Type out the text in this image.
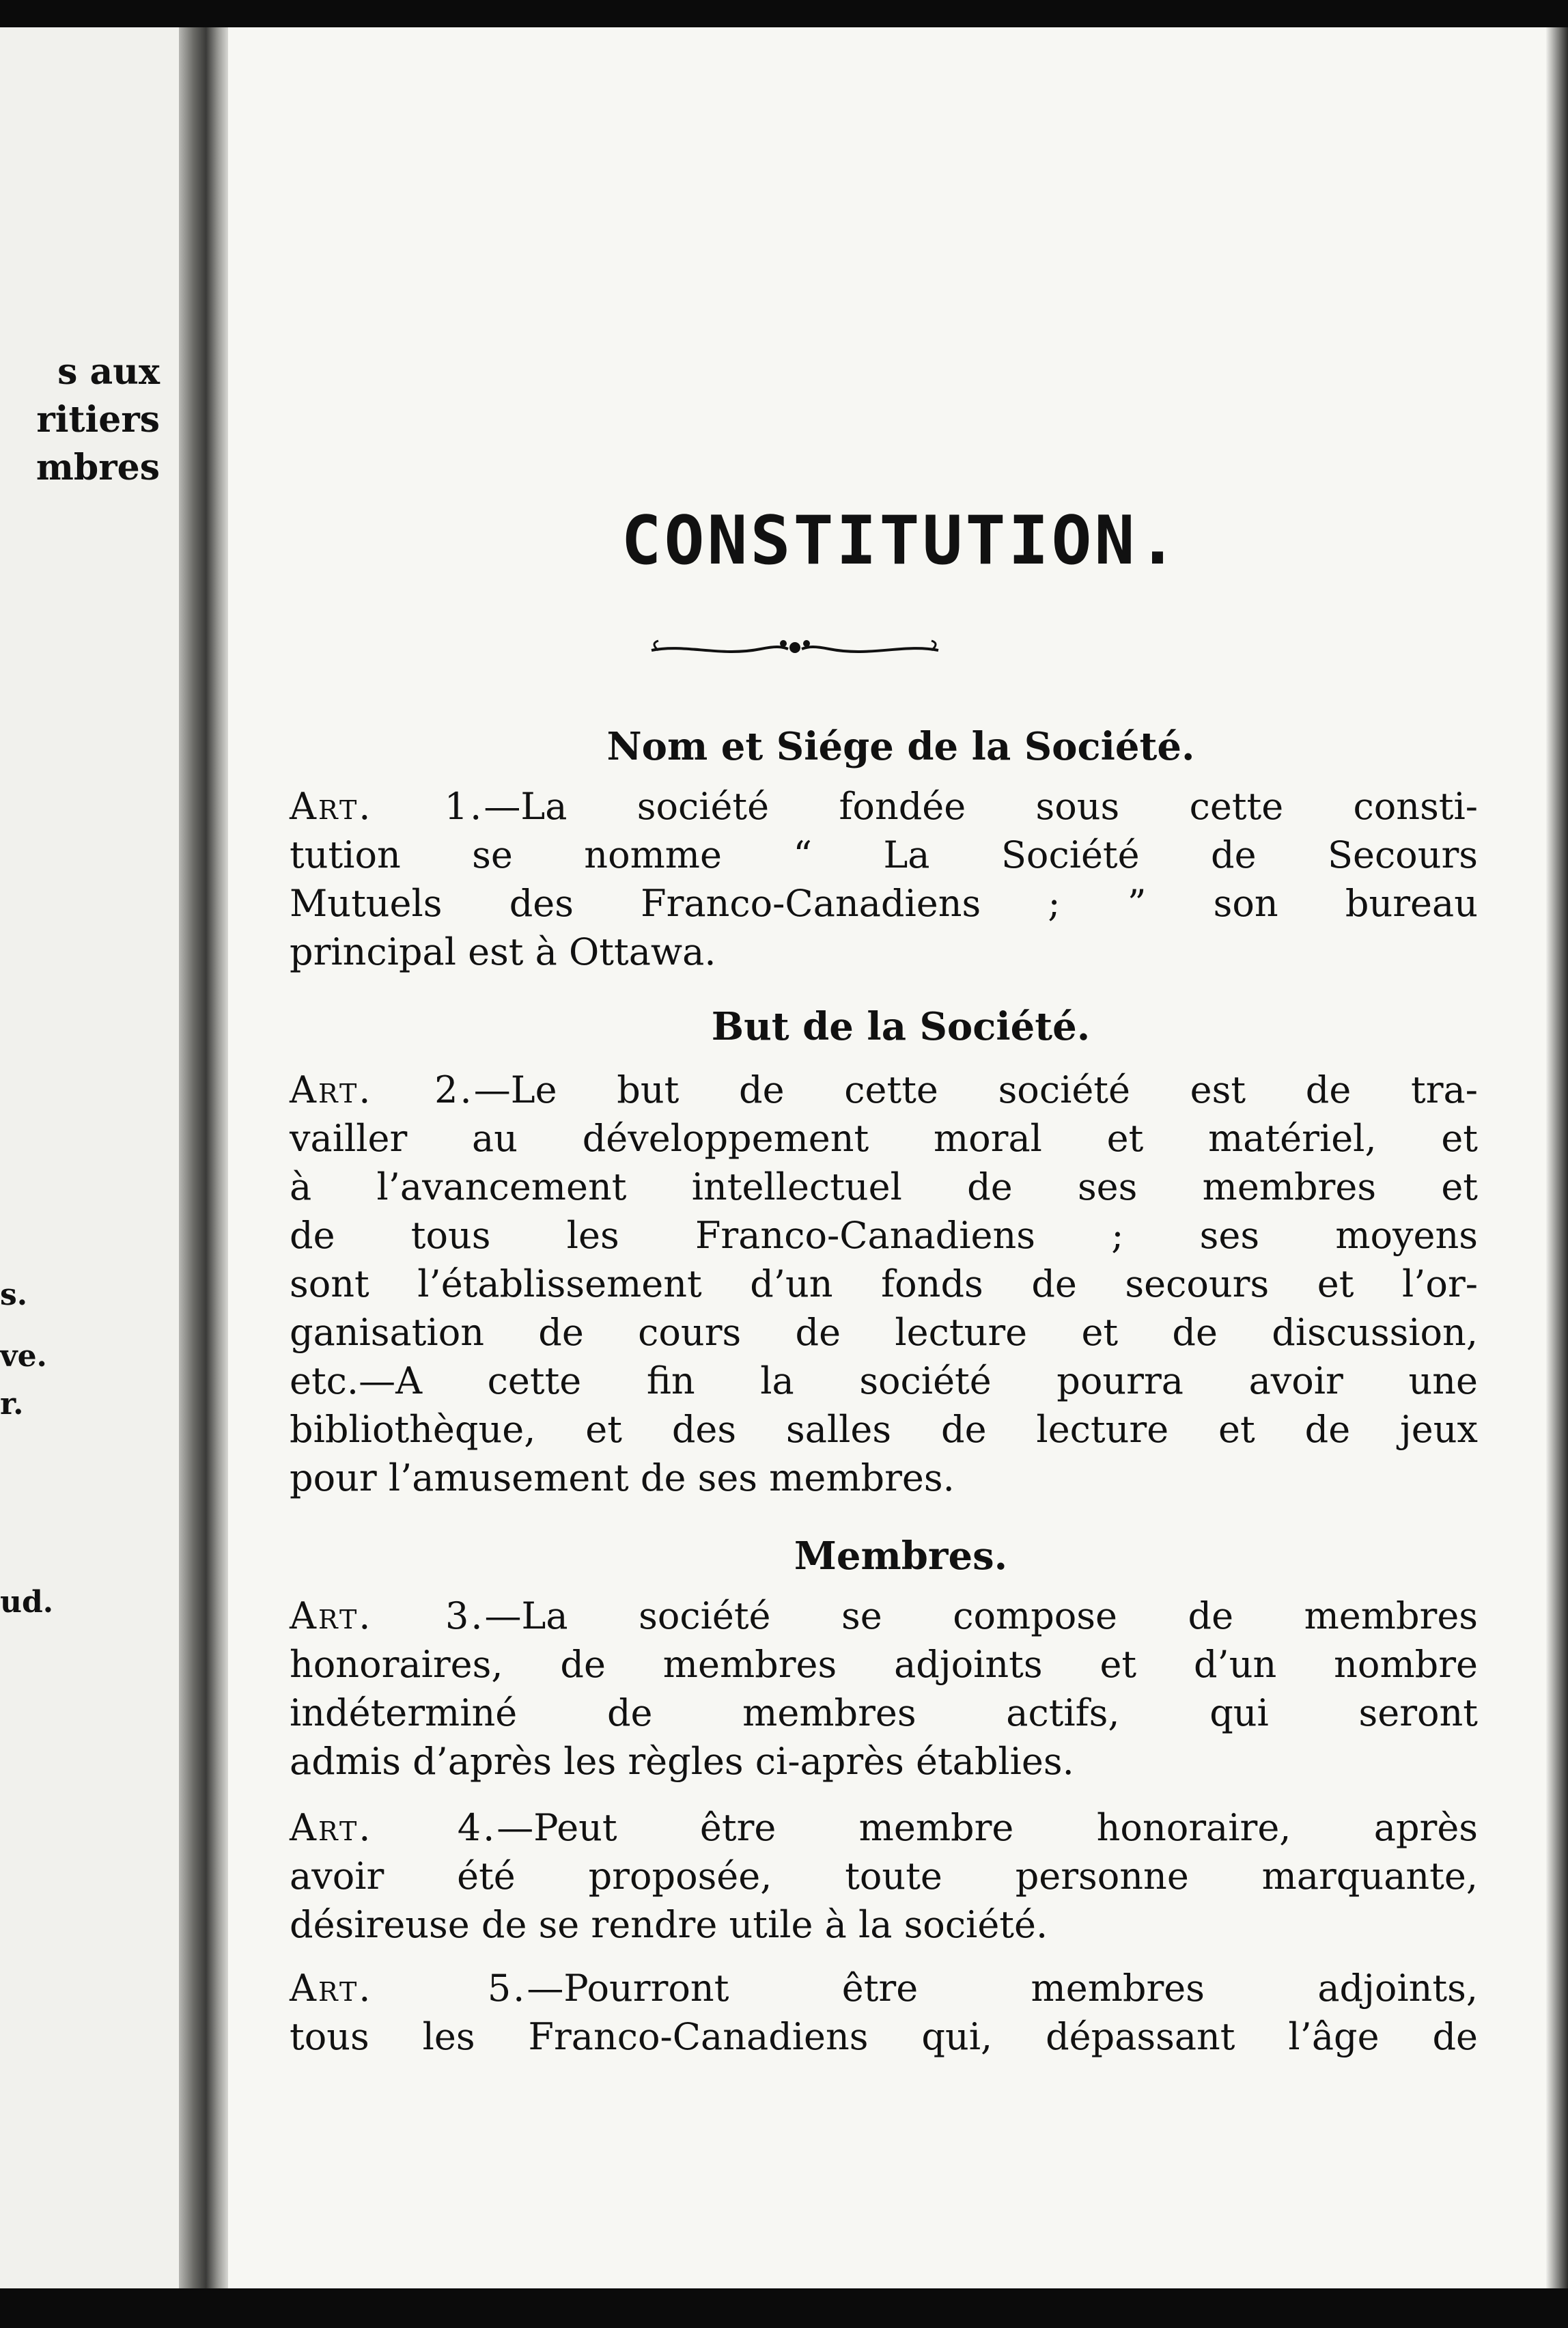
s aux
ritiers
mbres
s.
ve.
r.
ud.
CONSTITUTION.
Nom et Siége de la Société.
Art. 1.—La société fondée sous cette consti-
tution se nomme “ La Société de Secours
Mutuels des Franco-Canadiens ; ” son bureau
principal est à Ottawa.
But de la Société.
Art. 2.—Le but de cette société est de tra-
vailler au développement moral et matériel, et
à l’avancement intellectuel de ses membres et
de tous les Franco-Canadiens ; ses moyens
sont l’établissement d’un fonds de secours et l’or-
ganisation de cours de lecture et de discussion,
etc.—A cette fin la société pourra avoir une
bibliothèque, et des salles de lecture et de jeux
pour l’amusement de ses membres.
Membres.
Art. 3.—La société se compose de membres
honoraires, de membres adjoints et d’un nombre
indéterminé de membres actifs, qui seront
admis d’après les règles ci-après établies.
Art. 4.—Peut être membre honoraire, après
avoir été proposée, toute personne marquante,
désireuse de se rendre utile à la société.
Art. 5.—Pourront être membres adjoints,
tous les Franco-Canadiens qui, dépassant l’âge de
